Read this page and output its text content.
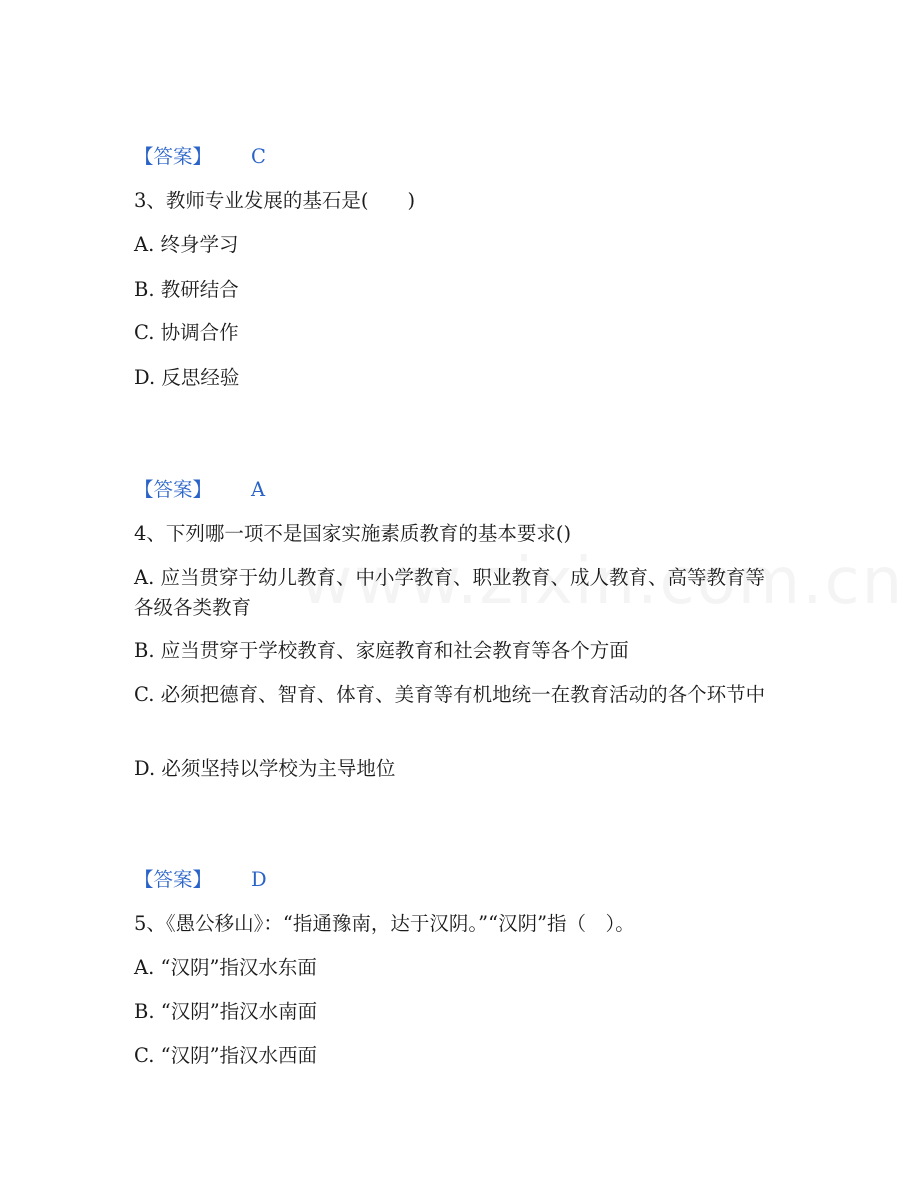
【答案】 C
3、教师专业发展的基石是(　　)
A. 终身学习
B. 教研结合
C. 协调合作
D. 反思经验
【答案】 A
4、下列哪一项不是国家实施素质教育的基本要求()
A. 应当贯穿于幼儿教育、中小学教育、职业教育、成人教育、高等教育等各级各类教育
B. 应当贯穿于学校教育、家庭教育和社会教育等各个方面
C. 必须把德育、智育、体育、美育等有机地统一在教育活动的各个环节中
D. 必须坚持以学校为主导地位
【答案】 D
5、《愚公移山》：“指通豫南，达于汉阴。”“汉阴”指（　）。
A. “汉阴”指汉水东面
B. “汉阴”指汉水南面
C. “汉阴”指汉水西面
